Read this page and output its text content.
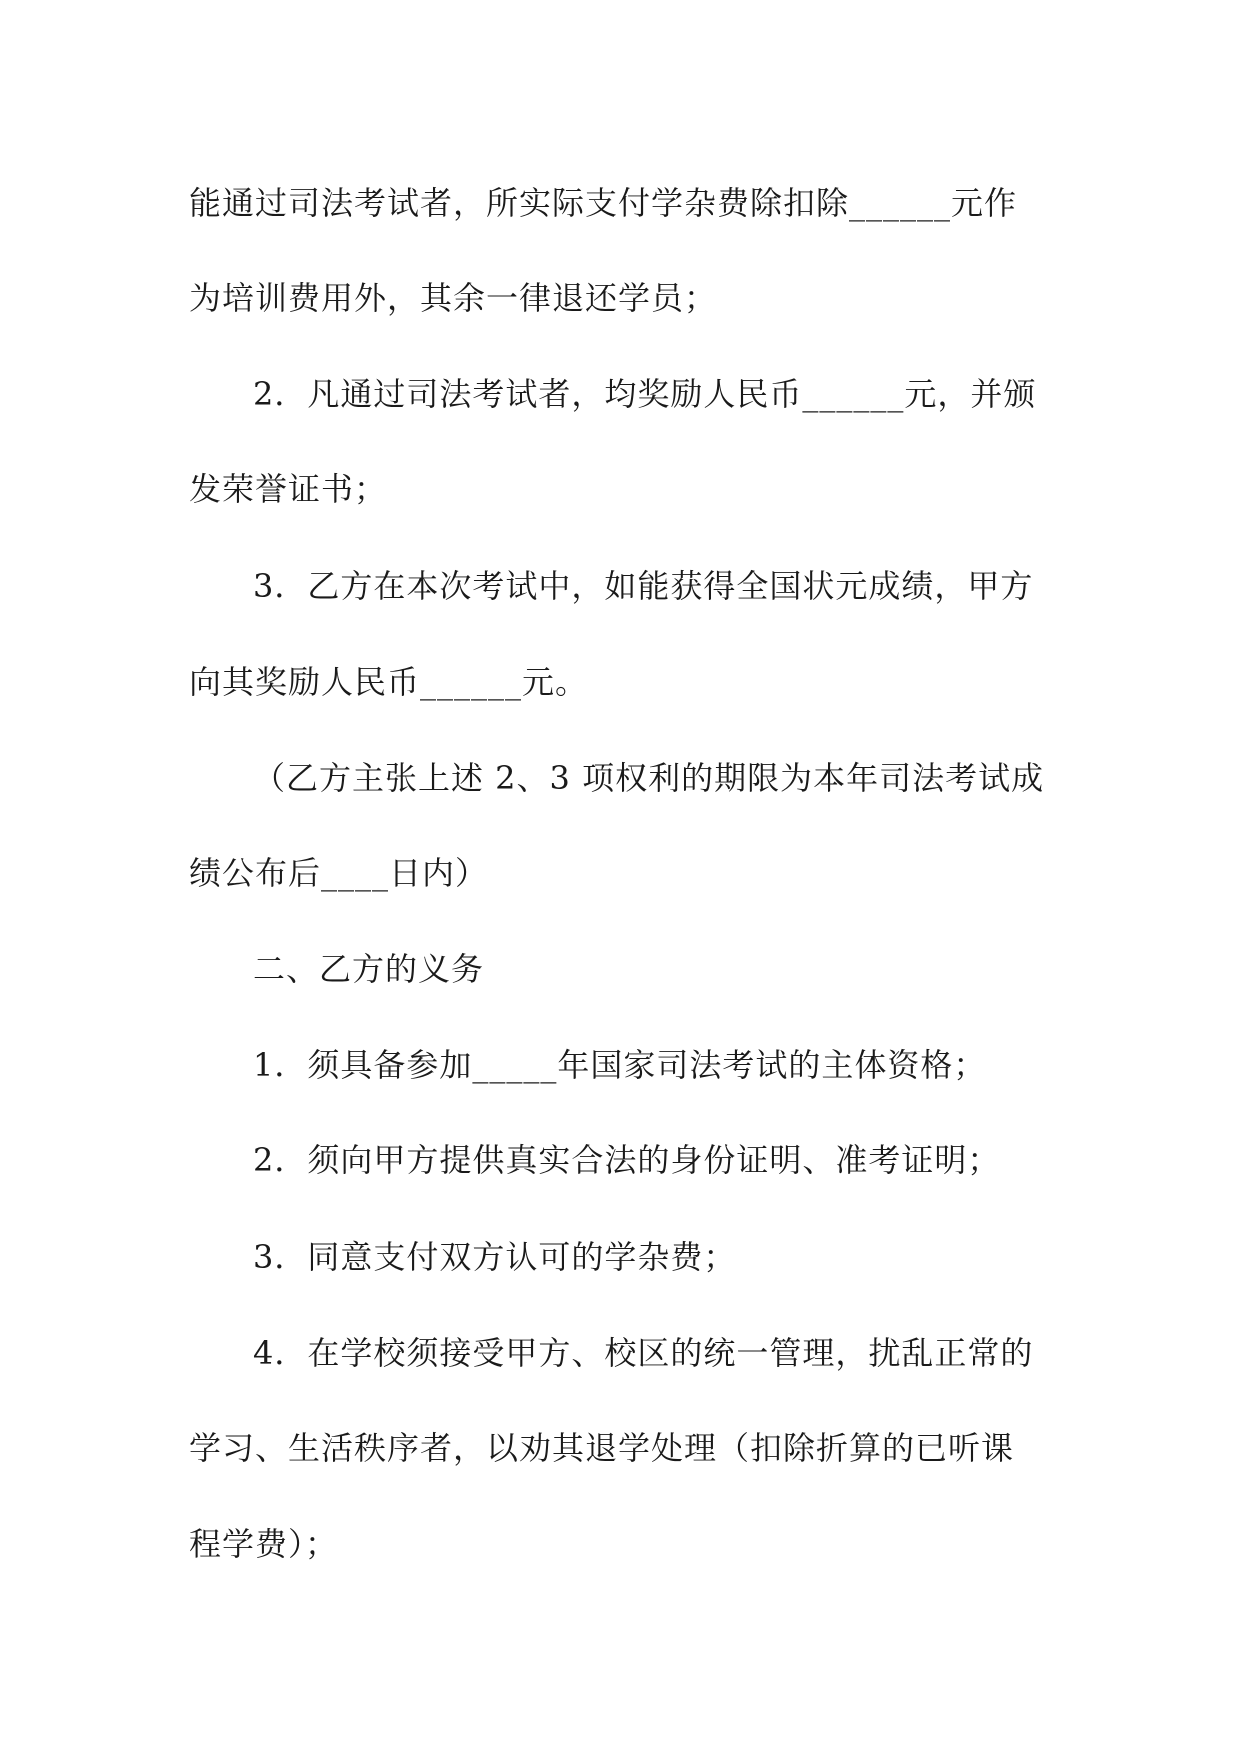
能通过司法考试者，所实际支付学杂费除扣除______元作
为培训费用外，其余一律退还学员；
2．凡通过司法考试者，均奖励人民币______元，并颁
发荣誉证书；
3．乙方在本次考试中，如能获得全国状元成绩，甲方
向其奖励人民币______元。
（乙方主张上述 2、3 项权利的期限为本年司法考试成
绩公布后____日内）
二、乙方的义务
1．须具备参加_____年国家司法考试的主体资格；
2．须向甲方提供真实合法的身份证明、准考证明；
3．同意支付双方认可的学杂费；
4．在学校须接受甲方、校区的统一管理，扰乱正常的
学习、生活秩序者，以劝其退学处理（扣除折算的已听课
程学费）；
